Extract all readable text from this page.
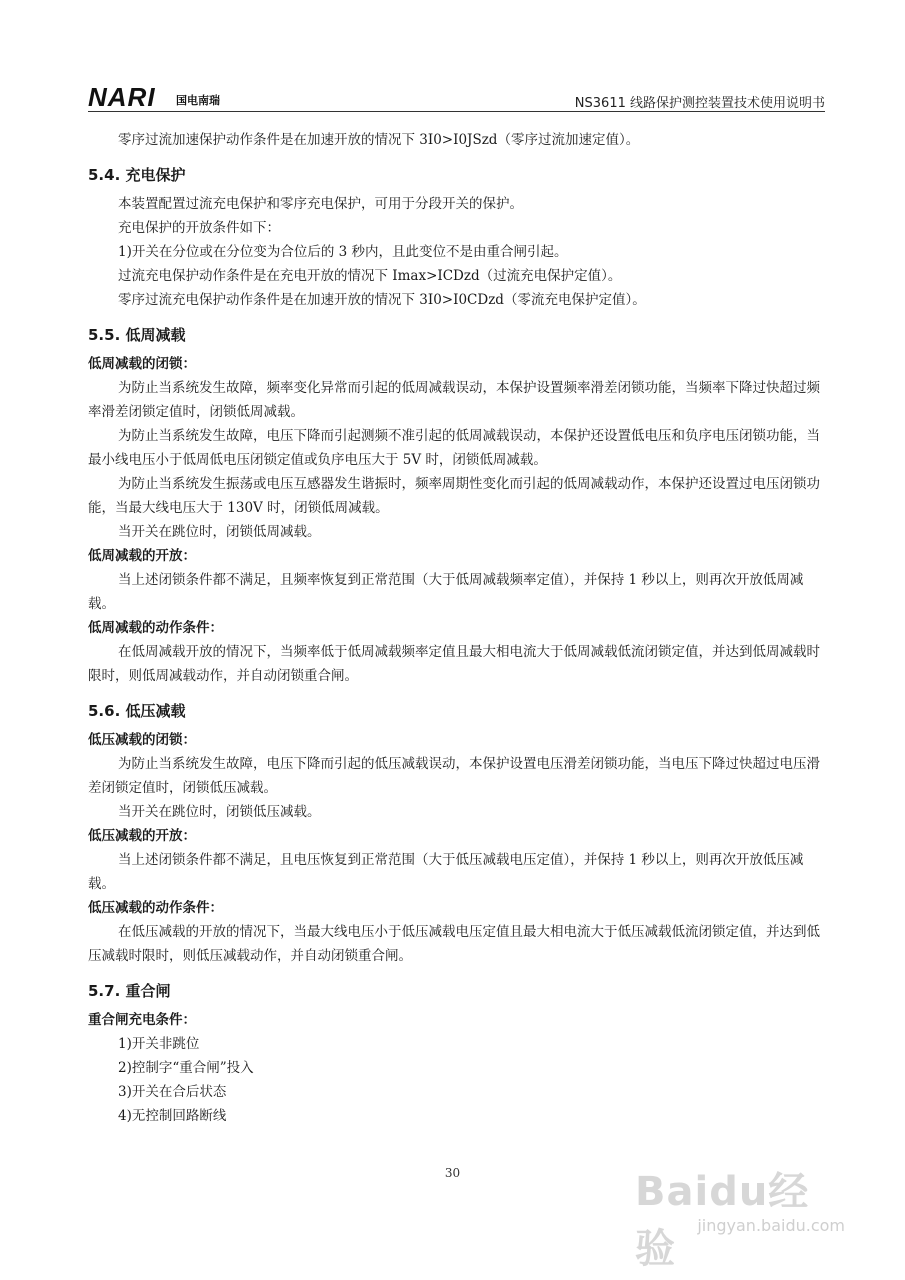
NARI 国电南瑞	NS3611 线路保护测控装置技术使用说明书

零序过流加速保护动作条件是在加速开放的情况下 3I0>I0JSzd（零序过流加速定值）。

5.4. 充电保护

本装置配置过流充电保护和零序充电保护，可用于分段开关的保护。

充电保护的开放条件如下：

1)开关在分位或在分位变为合位后的 3 秒内，且此变位不是由重合闸引起。

过流充电保护动作条件是在充电开放的情况下 Imax>ICDzd（过流充电保护定值）。

零序过流充电保护动作条件是在加速开放的情况下 3I0>I0CDzd（零流充电保护定值）。

5.5. 低周减载
低周减载的闭锁：

为防止当系统发生故障，频率变化异常而引起的低周减载误动，本保护设置频率滑差闭锁功能，当频率下降过快超过频率滑差闭锁定值时，闭锁低周减载。

为防止当系统发生故障，电压下降而引起测频不准引起的低周减载误动，本保护还设置低电压和负序电压闭锁功能，当最小线电压小于低周低电压闭锁定值或负序电压大于 5V 时，闭锁低周减载。

为防止当系统发生振荡或电压互感器发生谐振时，频率周期性变化而引起的低周减载动作，本保护还设置过电压闭锁功能，当最大线电压大于 130V 时，闭锁低周减载。

当开关在跳位时，闭锁低周减载。

低周减载的开放：

当上述闭锁条件都不满足，且频率恢复到正常范围（大于低周减载频率定值），并保持 1 秒以上，则再次开放低周减载。

低周减载的动作条件：

在低周减载开放的情况下，当频率低于低周减载频率定值且最大相电流大于低周减载低流闭锁定值，并达到低周减载时限时，则低周减载动作，并自动闭锁重合闸。

5.6. 低压减载
低压减载的闭锁：

为防止当系统发生故障，电压下降而引起的低压减载误动，本保护设置电压滑差闭锁功能，当电压下降过快超过电压滑差闭锁定值时，闭锁低压减载。

当开关在跳位时，闭锁低压减载。

低压减载的开放：

当上述闭锁条件都不满足，且电压恢复到正常范围（大于低压减载电压定值），并保持 1 秒以上，则再次开放低压减载。

低压减载的动作条件：

在低压减载的开放的情况下，当最大线电压小于低压减载电压定值且最大相电流大于低压减载低流闭锁定值，并达到低压减载时限时，则低压减载动作，并自动闭锁重合闸。

5.7. 重合闸
重合闸充电条件：

1)开关非跳位

2)控制字“重合闸”投入

3)开关在合后状态

4)无控制回路断线

30	Baidu经验
jingyan.baidu.com
